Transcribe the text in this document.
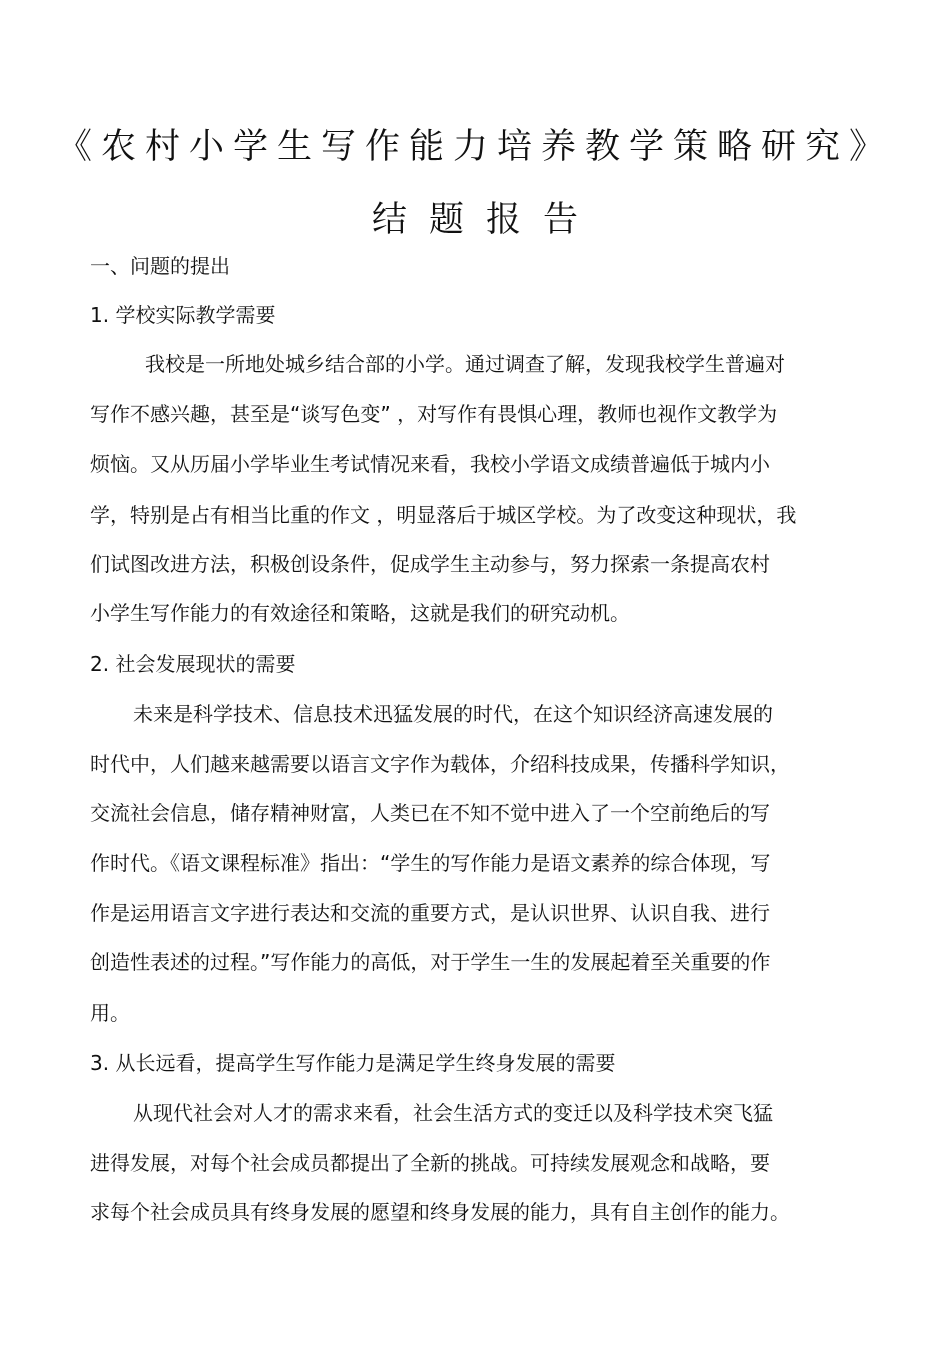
《农村小学生写作能力培养教学策略研究》
结题报告
一、问题的提出
1. 学校实际教学需要
我校是一所地处城乡结合部的小学。通过调查了解，发现我校学生普遍对
写作不感兴趣，甚至是“谈写色变” ，对写作有畏惧心理，教师也视作文教学为
烦恼。又从历届小学毕业生考试情况来看，我校小学语文成绩普遍低于城内小
学，特别是占有相当比重的作文 ，明显落后于城区学校。为了改变这种现状，我
们试图改进方法，积极创设条件，促成学生主动参与，努力探索一条提高农村
小学生写作能力的有效途径和策略，这就是我们的研究动机。
2. 社会发展现状的需要
未来是科学技术、信息技术迅猛发展的时代，在这个知识经济高速发展的
时代中，人们越来越需要以语言文字作为载体，介绍科技成果，传播科学知识，
交流社会信息，储存精神财富，人类已在不知不觉中进入了一个空前绝后的写
作时代。《语文课程标准》指出：“学生的写作能力是语文素养的综合体现，写
作是运用语言文字进行表达和交流的重要方式，是认识世界、认识自我、进行
创造性表述的过程。”写作能力的高低，对于学生一生的发展起着至关重要的作
用。
3. 从长远看，提高学生写作能力是满足学生终身发展的需要
从现代社会对人才的需求来看，社会生活方式的变迁以及科学技术突飞猛
进得发展，对每个社会成员都提出了全新的挑战。可持续发展观念和战略，要
求每个社会成员具有终身发展的愿望和终身发展的能力，具有自主创作的能力。
